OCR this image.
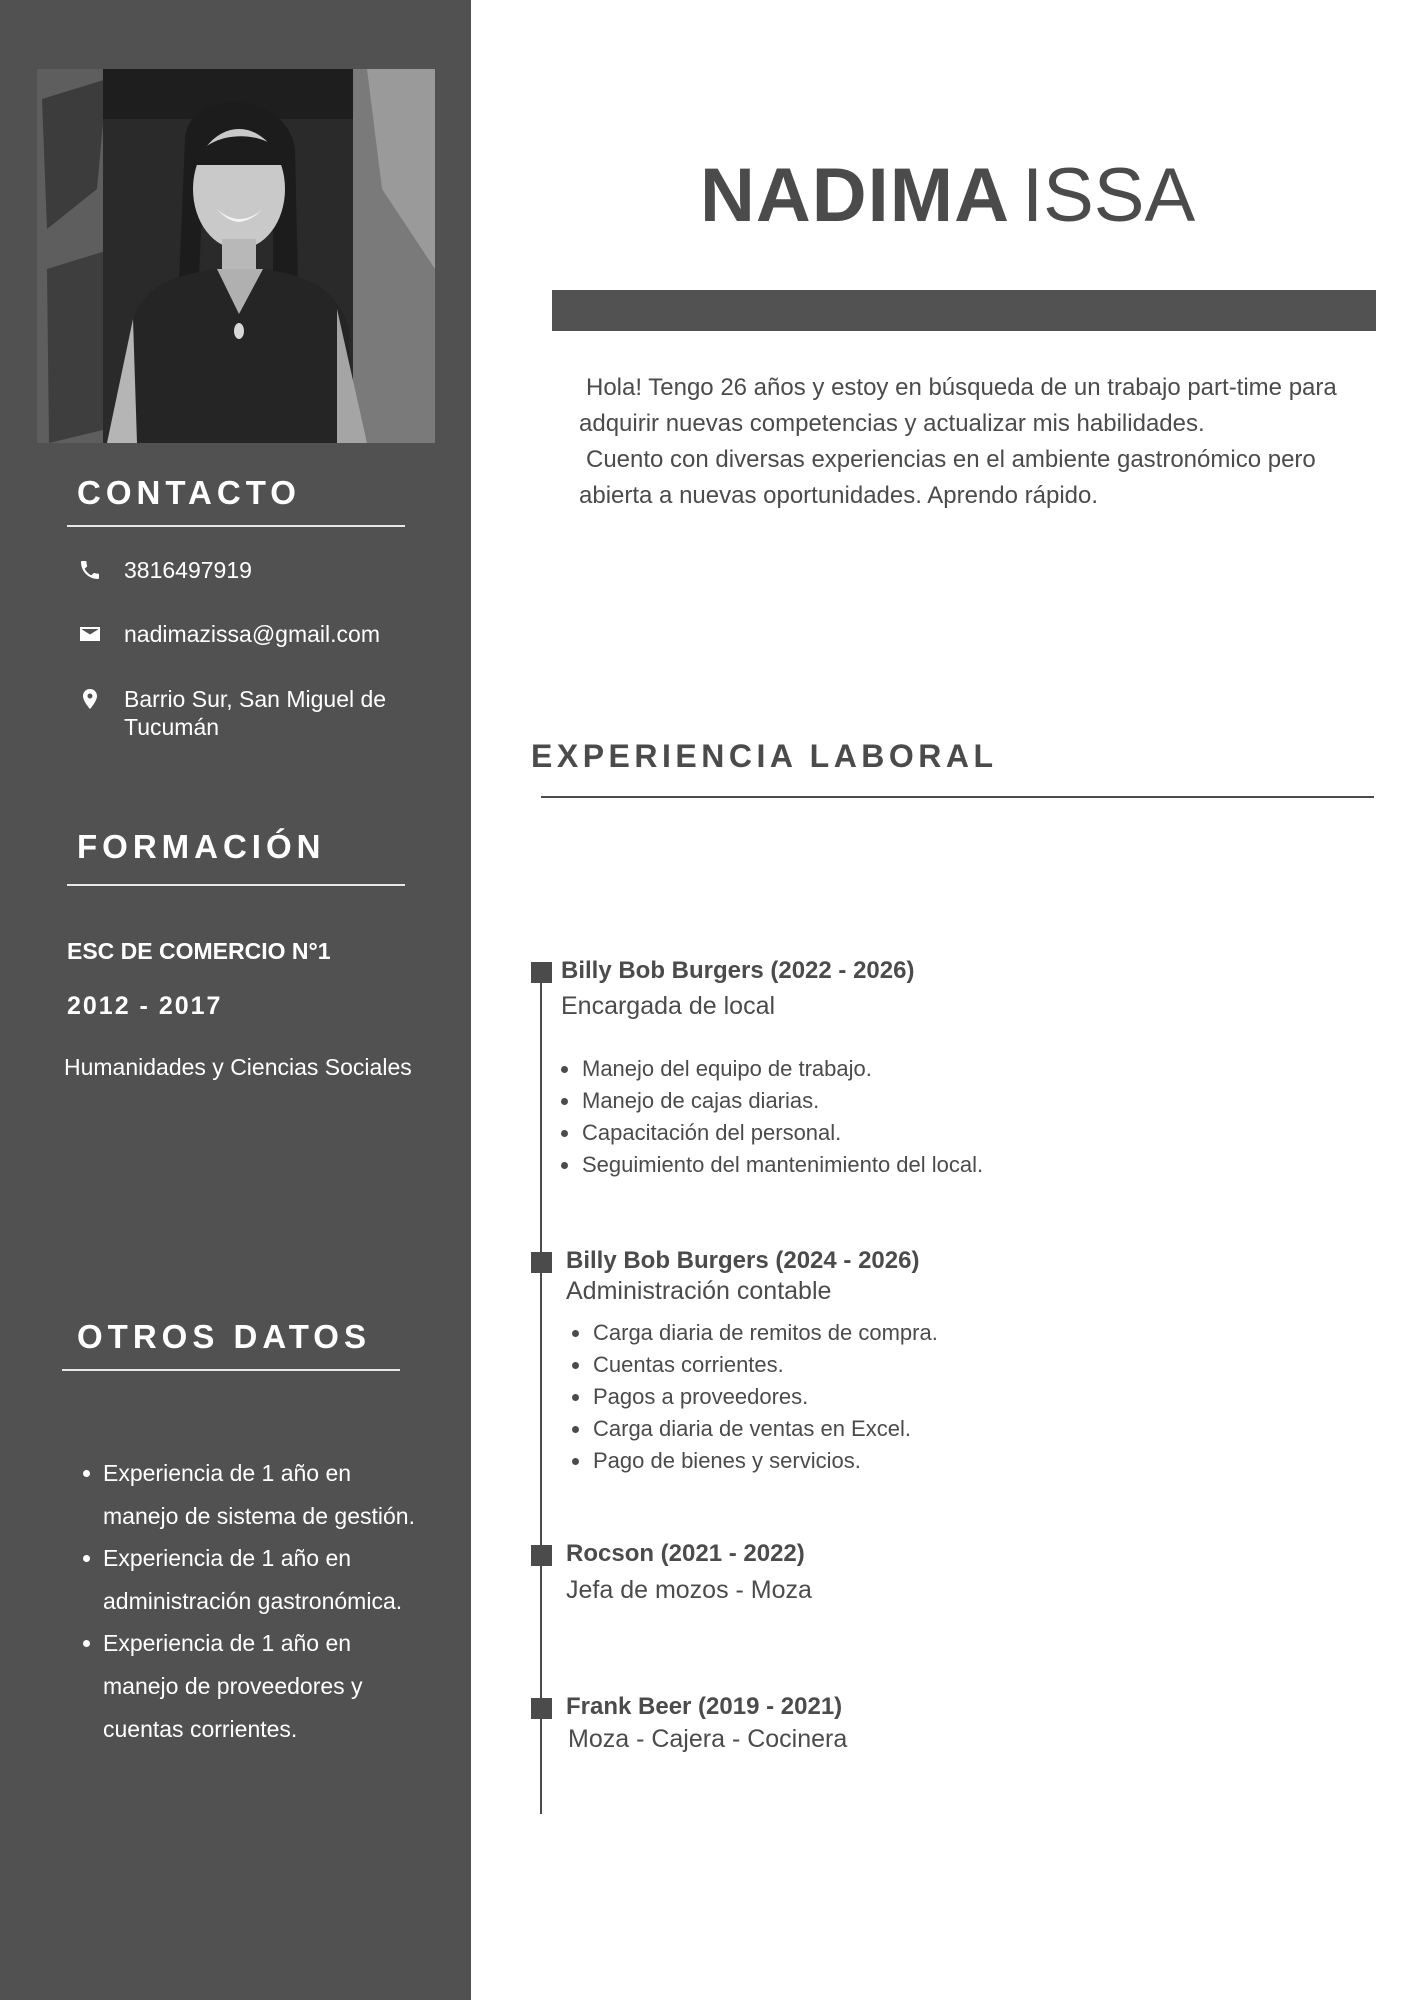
CONTACTO
3816497919
nadimazissa@gmail.com
Barrio Sur, San Miguel de
Tucumán
FORMACIÓN
ESC DE COMERCIO N°1
2012 - 2017
Humanidades y Ciencias Sociales
OTROS DATOS
Experiencia de 1 año en manejo de sistema de gestión.
Experiencia de 1 año en administración gastronómica.
Experiencia de 1 año en manejo de proveedores y cuentas corrientes.
NADIMA ISSA

Hola! Tengo 26 años y estoy en búsqueda de un trabajo part-time para adquirir nuevas competencias y actualizar mis habilidades.

Cuento con diversas experiencias en el ambiente gastronómico pero abierta a nuevas oportunidades. Aprendo rápido.

EXPERIENCIA LABORAL
Billy Bob Burgers (2022 - 2026)
Encargada de local
Manejo del equipo de trabajo.
Manejo de cajas diarias.
Capacitación del personal.
Seguimiento del mantenimiento del local.
Billy Bob Burgers (2024 - 2026)
Administración contable
Carga diaria de remitos de compra.
Cuentas corrientes.
Pagos a proveedores.
Carga diaria de ventas en Excel.
Pago de bienes y servicios.
Rocson (2021 - 2022)
Jefa de mozos - Moza
Frank Beer (2019 - 2021)
Moza - Cajera - Cocinera
